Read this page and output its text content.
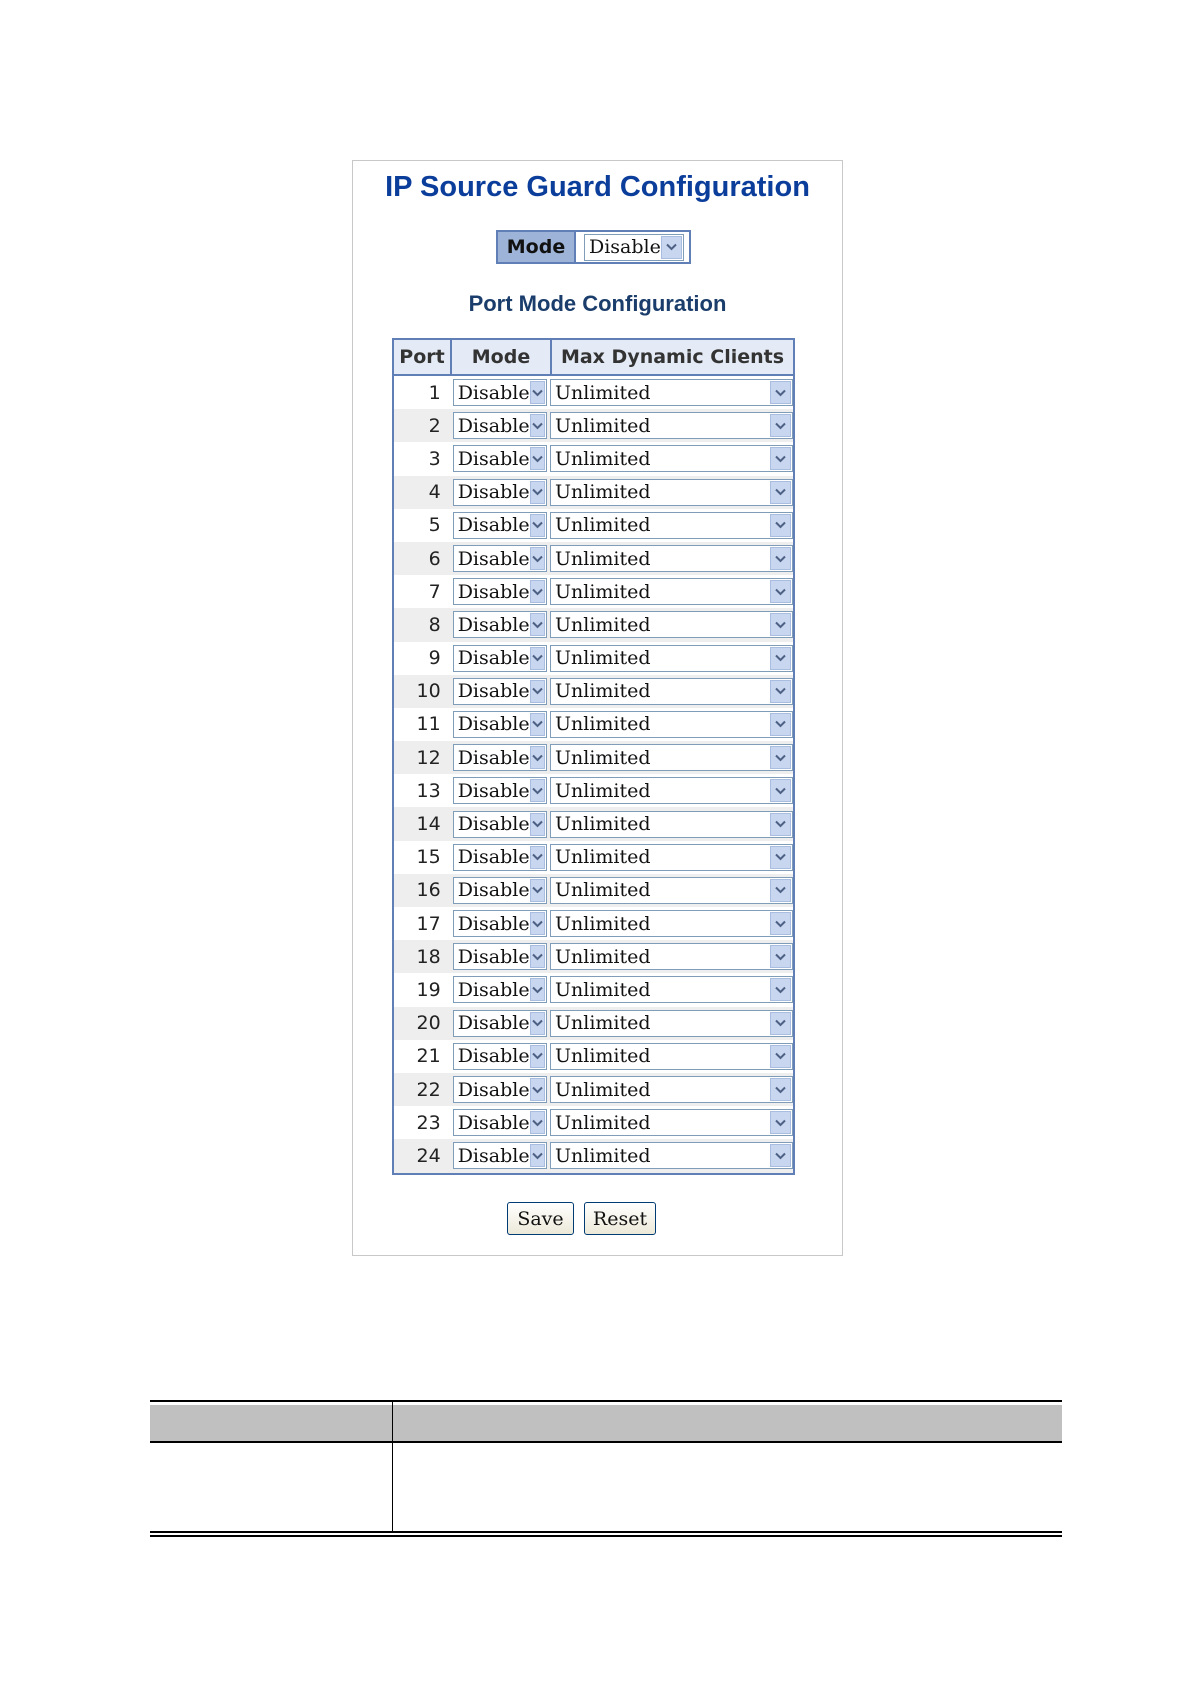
IP Source Guard Configuration
Mode	Disable
Port Mode Configuration
Port	Mode	Max Dynamic Clients
1 Disable Unlimited
2 Disable Unlimited
3 Disable Unlimited
4 Disable Unlimited
5 Disable Unlimited
6 Disable Unlimited
7 Disable Unlimited
8 Disable Unlimited
9 Disable Unlimited
10 Disable Unlimited
11 Disable Unlimited
12 Disable Unlimited
13 Disable Unlimited
14 Disable Unlimited
15 Disable Unlimited
16 Disable Unlimited
17 Disable Unlimited
18 Disable Unlimited
19 Disable Unlimited
20 Disable Unlimited
21 Disable Unlimited
22 Disable Unlimited
23 Disable Unlimited
24 Disable Unlimited
Save	Reset
